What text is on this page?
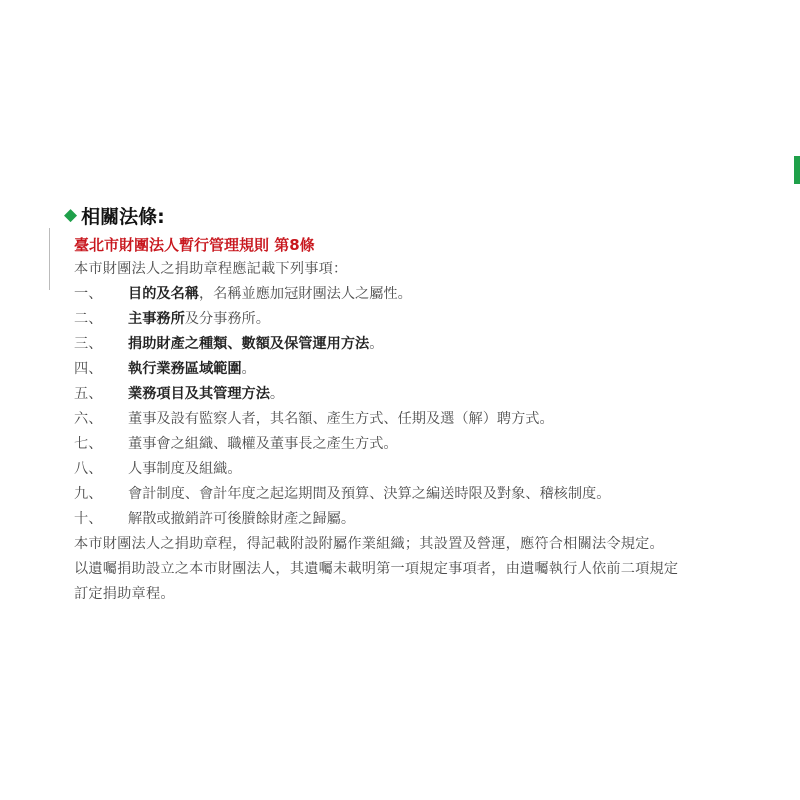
◆ 相關法條:
臺北市財團法人暫行管理規則 第8條
本市財團法人之捐助章程應記載下列事項：
一、	目的及名稱，名稱並應加冠財團法人之屬性。
二、	主事務所及分事務所。
三、	捐助財產之種類、數額及保管運用方法。
四、	執行業務區域範圍。
五、	業務項目及其管理方法。
六、	董事及設有監察人者，其名額、產生方式、任期及選（解）聘方式。
七、	董事會之組織、職權及董事長之產生方式。
八、	人事制度及組織。
九、	會計制度、會計年度之起迄期間及預算、決算之編送時限及對象、稽核制度。
十、	解散或撤銷許可後賸餘財產之歸屬。
本市財團法人之捐助章程，得記載附設附屬作業組織；其設置及營運，應符合相關法令規定。
以遺囑捐助設立之本市財團法人，其遺囑未載明第一項規定事項者，由遺囑執行人依前二項規定
訂定捐助章程。
